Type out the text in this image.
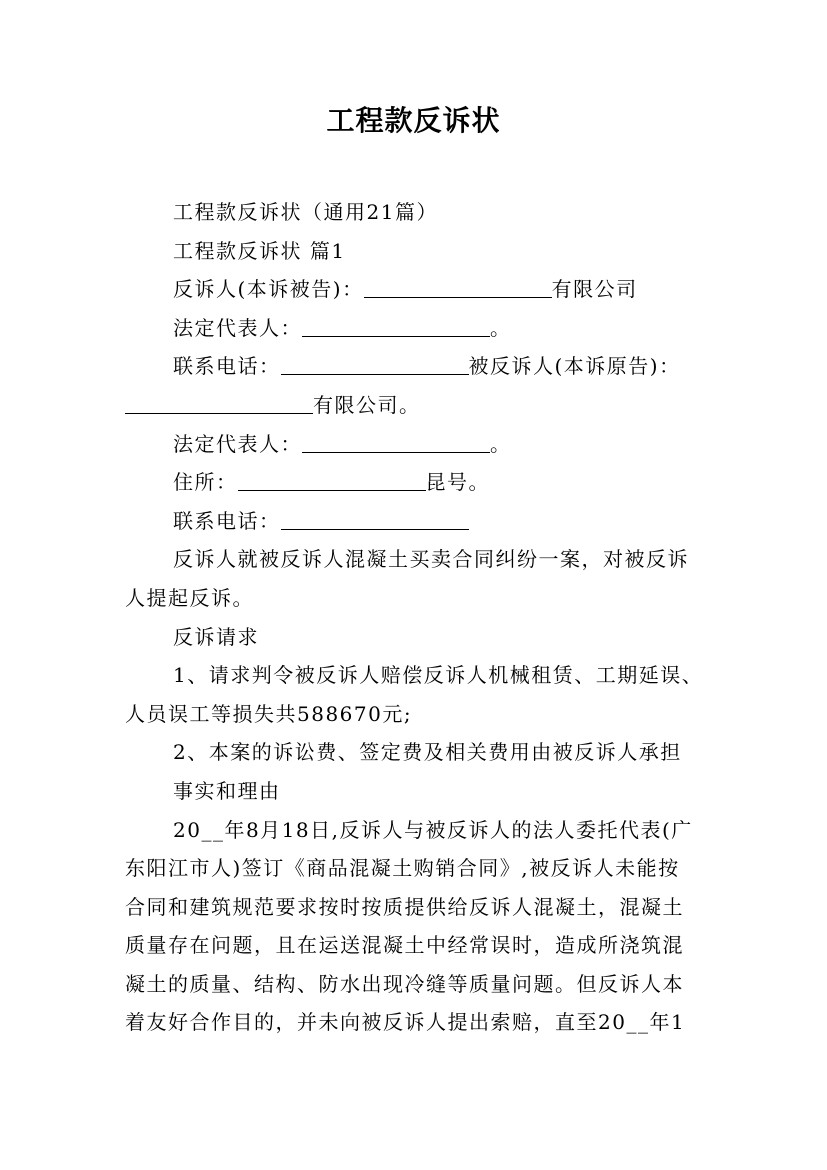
工程款反诉状
工程款反诉状（通用21篇）
工程款反诉状 篇1
反诉人(本诉被告)：	有限公司
法定代表人：	。
联系电话：	被反诉人(本诉原告)：
有限公司。
法定代表人：	。
住所：	昆号。
联系电话：
反诉人就被反诉人混凝土买卖合同纠纷一案，对被反诉
人提起反诉。
反诉请求
1、请求判令被反诉人赔偿反诉人机械租赁、工期延误、
人员误工等损失共588670元;
2、本案的诉讼费、签定费及相关费用由被反诉人承担
事实和理由
20__年8月18日,反诉人与被反诉人的法人委托代表(广
东阳江市人)签订《商品混凝土购销合同》,被反诉人未能按
合同和建筑规范要求按时按质提供给反诉人混凝土，混凝土
质量存在问题，且在运送混凝土中经常误时，造成所浇筑混
凝土的质量、结构、防水出现冷缝等质量问题。但反诉人本
着友好合作目的，并未向被反诉人提出索赔，直至20__年1
